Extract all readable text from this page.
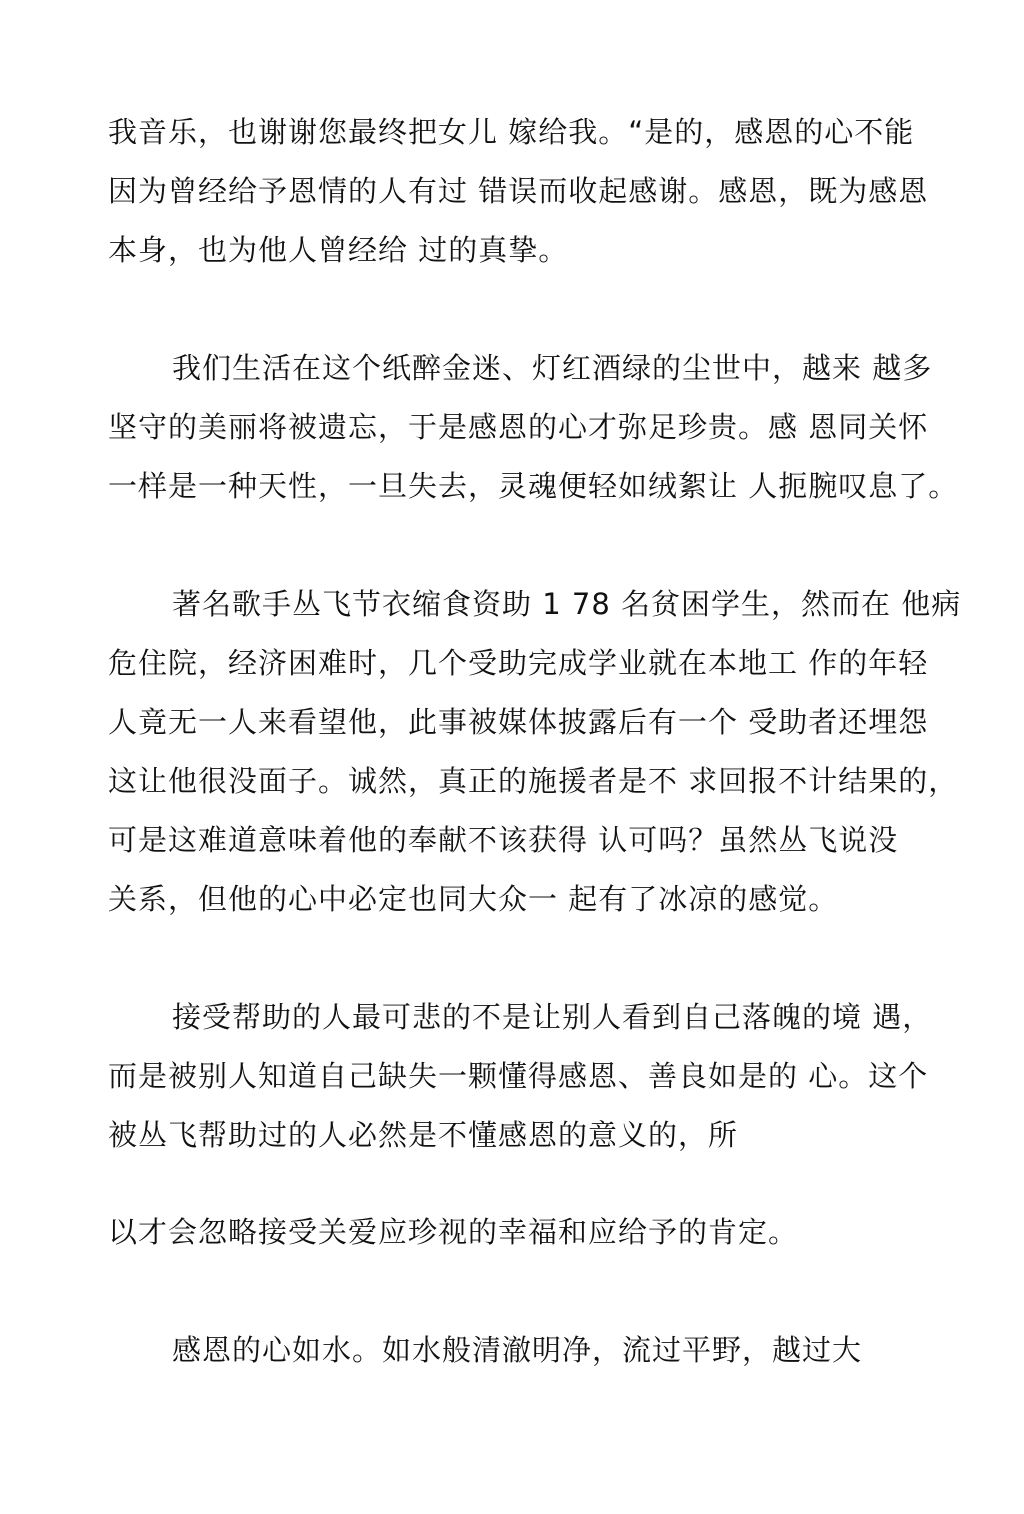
我音乐，也谢谢您最终把女儿 嫁给我。“是的，感恩的心不能
因为曾经给予恩情的人有过 错误而收起感谢。感恩，既为感恩
本身，也为他人曾经给 过的真挚。
我们生活在这个纸醉金迷、灯红酒绿的尘世中，越来 越多
坚守的美丽将被遗忘，于是感恩的心才弥足珍贵。感 恩同关怀
一样是一种天性，一旦失去，灵魂便轻如绒絮让 人扼腕叹息了。
著名歌手丛飞节衣缩食资助 1 78 名贫困学生，然而在 他病
危住院，经济困难时，几个受助完成学业就在本地工 作的年轻
人竟无一人来看望他，此事被媒体披露后有一个 受助者还埋怨
这让他很没面子。诚然，真正的施援者是不 求回报不计结果的，
可是这难道意味着他的奉献不该获得 认可吗？虽然丛飞说没
关系，但他的心中必定也同大众一 起有了冰凉的感觉。
接受帮助的人最可悲的不是让别人看到自己落魄的境 遇，
而是被别人知道自己缺失一颗懂得感恩、善良如是的 心。这个
被丛飞帮助过的人必然是不懂感恩的意义的，所
以才会忽略接受关爱应珍视的幸福和应给予的肯定。
感恩的心如水。如水般清澈明净，流过平野，越过大
